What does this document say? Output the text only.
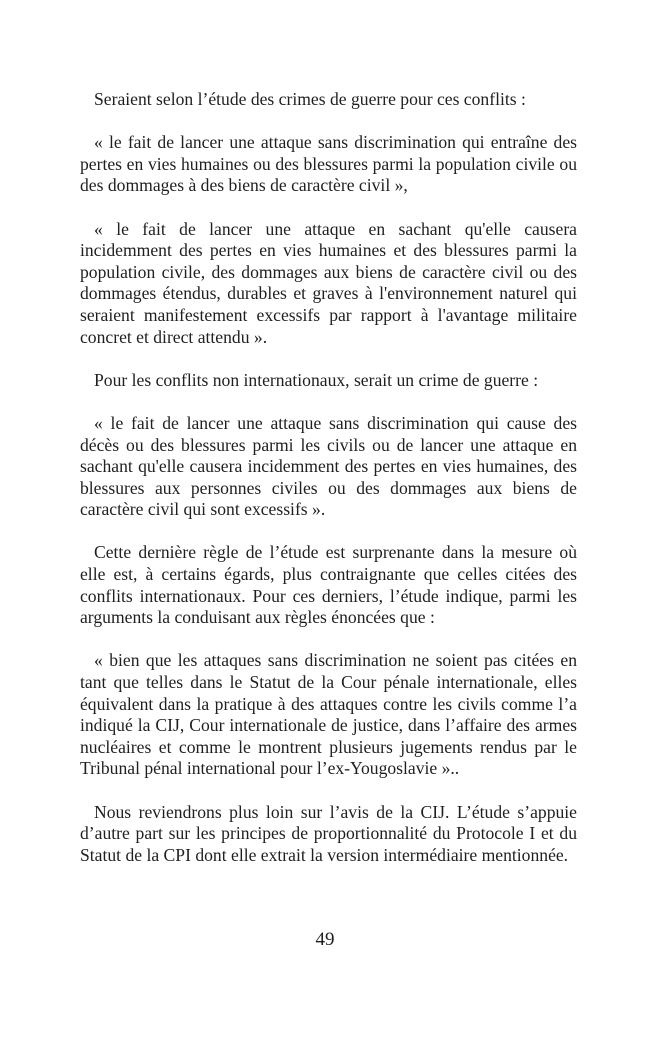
Seraient selon l’étude des crimes de guerre pour ces conflits :

« le fait de lancer une attaque sans discrimination qui entraîne des pertes en vies humaines ou des blessures parmi la population civile ou des dommages à des biens de caractère civil »,

« le fait de lancer une attaque en sachant qu'elle causera incidemment des pertes en vies humaines et des blessures parmi la population civile, des dommages aux biens de caractère civil ou des dommages étendus, durables et graves à l'environnement naturel qui seraient manifestement excessifs par rapport à l'avantage militaire concret et direct attendu ».

Pour les conflits non internationaux, serait un crime de guerre :

« le fait de lancer une attaque sans discrimination qui cause des décès ou des blessures parmi les civils ou de lancer une attaque en sachant qu'elle causera incidemment des pertes en vies humaines, des blessures aux personnes civiles ou des dommages aux biens de caractère civil qui sont excessifs ».

Cette dernière règle de l’étude est surprenante dans la mesure où elle est, à certains égards, plus contraignante que celles citées des conflits internationaux. Pour ces derniers, l’étude indique, parmi les arguments la conduisant aux règles énoncées que :

« bien que les attaques sans discrimination ne soient pas citées en tant que telles dans le Statut de la Cour pénale internationale, elles équivalent dans la pratique à des attaques contre les civils comme l’a indiqué la CIJ, Cour internationale de justice, dans l’affaire des armes nucléaires et comme le montrent plusieurs jugements rendus par le Tribunal pénal international pour l’ex-Yougoslavie »..

Nous reviendrons plus loin sur l’avis de la CIJ. L’étude s’appuie d’autre part sur les principes de proportionnalité du Protocole I et du Statut de la CPI dont elle extrait la version intermédiaire mentionnée.

49
